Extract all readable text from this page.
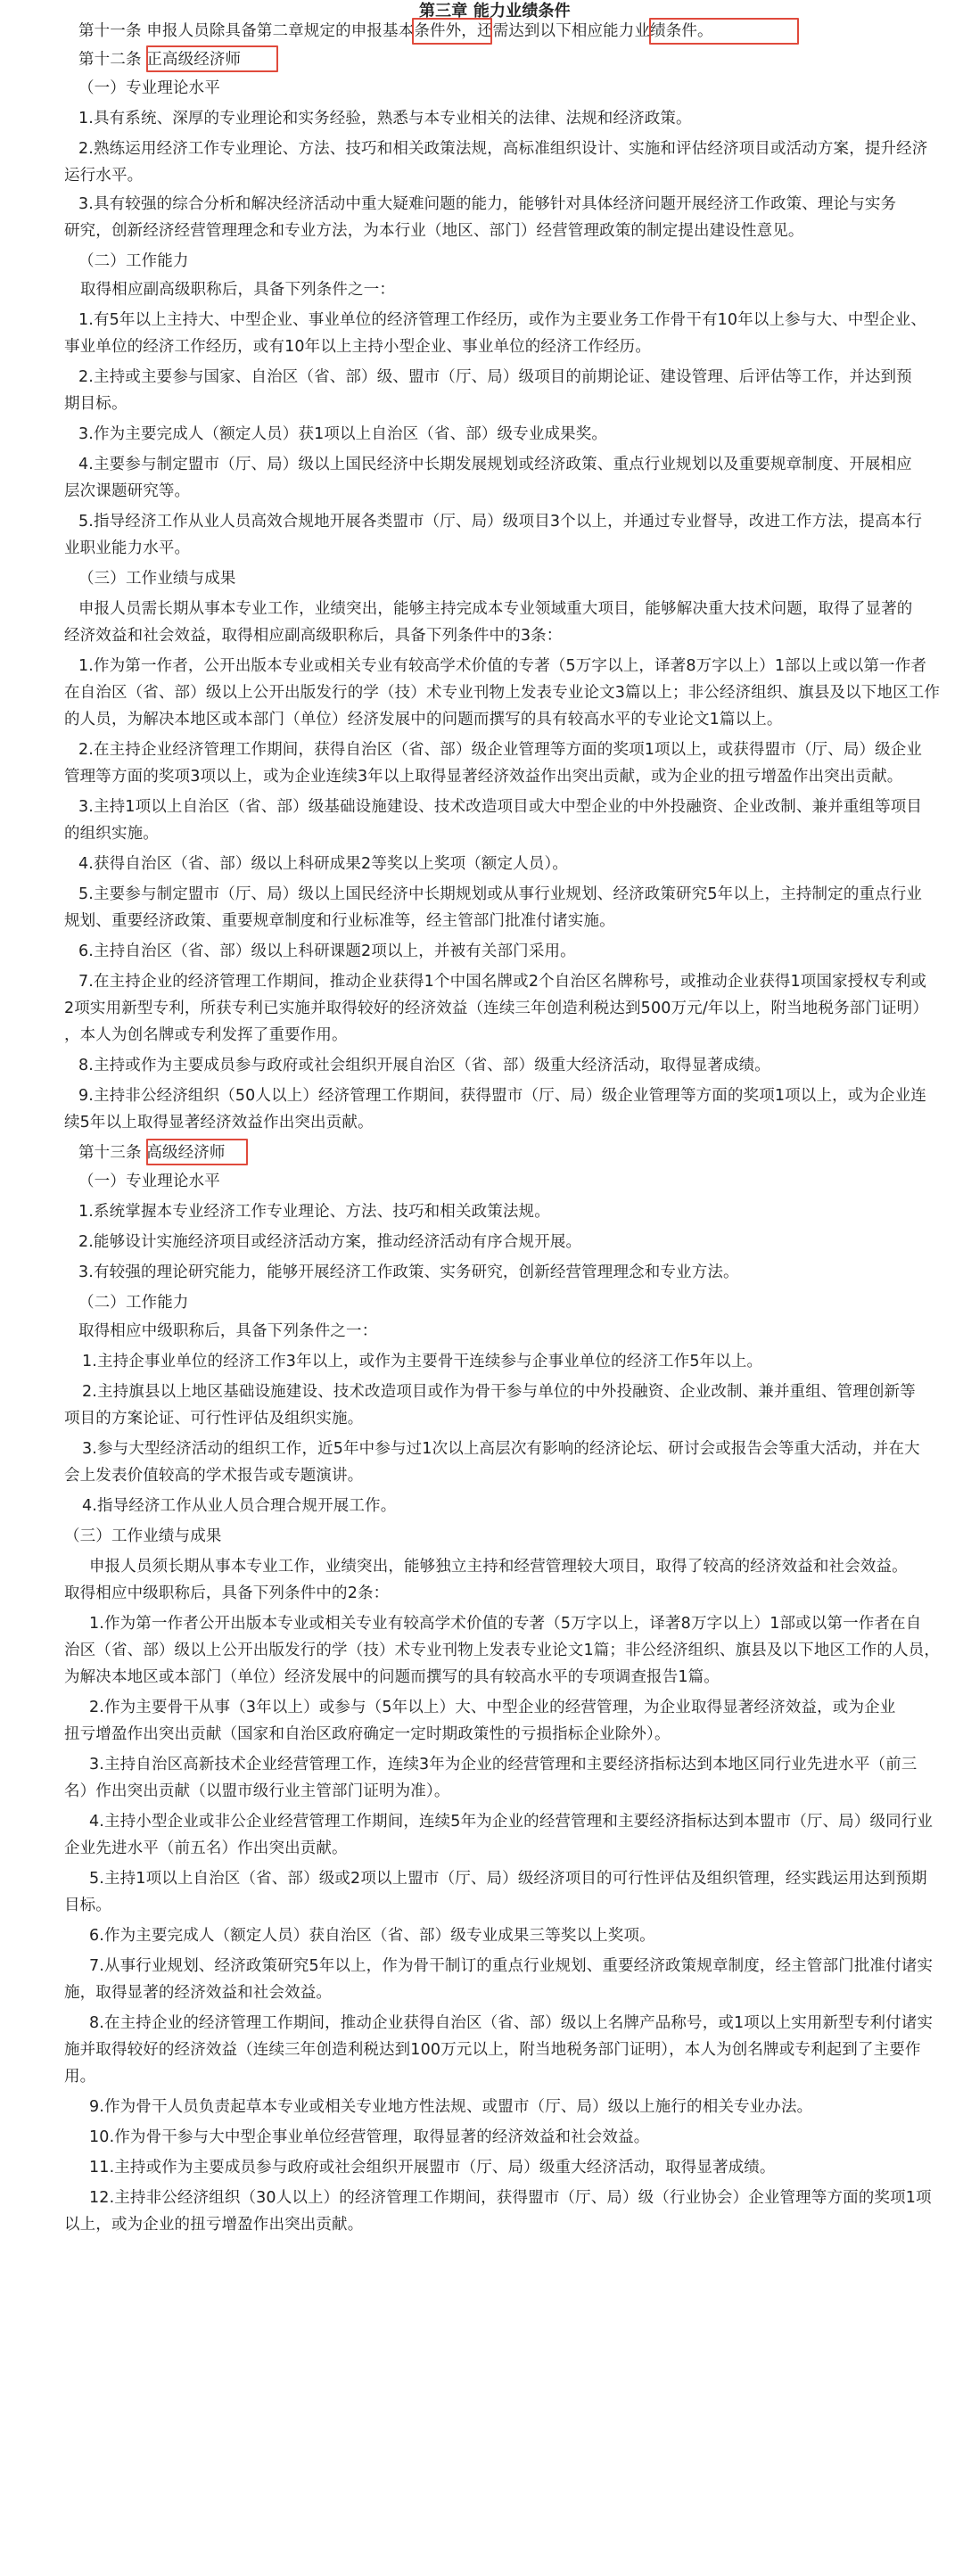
第三章 能力业绩条件
第十一条 申报人员除具备第二章规定的申报基本条件外，还需达到以下相应能力业绩条件。
第十二条 正高级经济师
（一）专业理论水平
1.具有系统、深厚的专业理论和实务经验，熟悉与本专业相关的法律、法规和经济政策。
2.熟练运用经济工作专业理论、方法、技巧和相关政策法规，高标准组织设计、实施和评估经济项目或活动方案，提升经济
运行水平。
3.具有较强的综合分析和解决经济活动中重大疑难问题的能力，能够针对具体经济问题开展经济工作政策、理论与实务
研究，创新经济经营管理理念和专业方法，为本行业（地区、部门）经营管理政策的制定提出建设性意见。
（二）工作能力
取得相应副高级职称后，具备下列条件之一：
1.有5年以上主持大、中型企业、事业单位的经济管理工作经历，或作为主要业务工作骨干有10年以上参与大、中型企业、
事业单位的经济工作经历，或有10年以上主持小型企业、事业单位的经济工作经历。
2.主持或主要参与国家、自治区（省、部）级、盟市（厅、局）级项目的前期论证、建设管理、后评估等工作，并达到预
期目标。
3.作为主要完成人（额定人员）获1项以上自治区（省、部）级专业成果奖。
4.主要参与制定盟市（厅、局）级以上国民经济中长期发展规划或经济政策、重点行业规划以及重要规章制度、开展相应
层次课题研究等。
5.指导经济工作从业人员高效合规地开展各类盟市（厅、局）级项目3个以上，并通过专业督导，改进工作方法，提高本行
业职业能力水平。
（三）工作业绩与成果
申报人员需长期从事本专业工作，业绩突出，能够主持完成本专业领域重大项目，能够解决重大技术问题，取得了显著的
经济效益和社会效益，取得相应副高级职称后，具备下列条件中的3条：
1.作为第一作者，公开出版本专业或相关专业有较高学术价值的专著（5万字以上，译著8万字以上）1部以上或以第一作者
在自治区（省、部）级以上公开出版发行的学（技）术专业刊物上发表专业论文3篇以上；非公经济组织、旗县及以下地区工作
的人员，为解决本地区或本部门（单位）经济发展中的问题而撰写的具有较高水平的专业论文1篇以上。
2.在主持企业经济管理工作期间，获得自治区（省、部）级企业管理等方面的奖项1项以上，或获得盟市（厅、局）级企业
管理等方面的奖项3项以上，或为企业连续3年以上取得显著经济效益作出突出贡献，或为企业的扭亏增盈作出突出贡献。
3.主持1项以上自治区（省、部）级基础设施建设、技术改造项目或大中型企业的中外投融资、企业改制、兼并重组等项目
的组织实施。
4.获得自治区（省、部）级以上科研成果2等奖以上奖项（额定人员）。
5.主要参与制定盟市（厅、局）级以上国民经济中长期规划或从事行业规划、经济政策研究5年以上，主持制定的重点行业
规划、重要经济政策、重要规章制度和行业标准等，经主管部门批准付诸实施。
6.主持自治区（省、部）级以上科研课题2项以上，并被有关部门采用。
7.在主持企业的经济管理工作期间，推动企业获得1个中国名牌或2个自治区名牌称号，或推动企业获得1项国家授权专利或
2项实用新型专利，所获专利已实施并取得较好的经济效益（连续三年创造利税达到500万元/年以上，附当地税务部门证明）
，本人为创名牌或专利发挥了重要作用。
8.主持或作为主要成员参与政府或社会组织开展自治区（省、部）级重大经济活动，取得显著成绩。
9.主持非公经济组织（50人以上）经济管理工作期间，获得盟市（厅、局）级企业管理等方面的奖项1项以上，或为企业连
续5年以上取得显著经济效益作出突出贡献。
第十三条 高级经济师
（一）专业理论水平
1.系统掌握本专业经济工作专业理论、方法、技巧和相关政策法规。
2.能够设计实施经济项目或经济活动方案，推动经济活动有序合规开展。
3.有较强的理论研究能力，能够开展经济工作政策、实务研究，创新经营管理理念和专业方法。
（二）工作能力
取得相应中级职称后，具备下列条件之一：
1.主持企事业单位的经济工作3年以上，或作为主要骨干连续参与企事业单位的经济工作5年以上。
2.主持旗县以上地区基础设施建设、技术改造项目或作为骨干参与单位的中外投融资、企业改制、兼并重组、管理创新等
项目的方案论证、可行性评估及组织实施。
3.参与大型经济活动的组织工作，近5年中参与过1次以上高层次有影响的经济论坛、研讨会或报告会等重大活动，并在大
会上发表价值较高的学术报告或专题演讲。
4.指导经济工作从业人员合理合规开展工作。
（三）工作业绩与成果
申报人员须长期从事本专业工作，业绩突出，能够独立主持和经营管理较大项目，取得了较高的经济效益和社会效益。
取得相应中级职称后，具备下列条件中的2条：
1.作为第一作者公开出版本专业或相关专业有较高学术价值的专著（5万字以上，译著8万字以上）1部或以第一作者在自
治区（省、部）级以上公开出版发行的学（技）术专业刊物上发表专业论文1篇；非公经济组织、旗县及以下地区工作的人员，
为解决本地区或本部门（单位）经济发展中的问题而撰写的具有较高水平的专项调查报告1篇。
2.作为主要骨干从事（3年以上）或参与（5年以上）大、中型企业的经营管理，为企业取得显著经济效益，或为企业
扭亏增盈作出突出贡献（国家和自治区政府确定一定时期政策性的亏损指标企业除外）。
3.主持自治区高新技术企业经营管理工作，连续3年为企业的经营管理和主要经济指标达到本地区同行业先进水平（前三
名）作出突出贡献（以盟市级行业主管部门证明为准）。
4.主持小型企业或非公企业经营管理工作期间，连续5年为企业的经营管理和主要经济指标达到本盟市（厅、局）级同行业
企业先进水平（前五名）作出突出贡献。
5.主持1项以上自治区（省、部）级或2项以上盟市（厅、局）级经济项目的可行性评估及组织管理，经实践运用达到预期
目标。
6.作为主要完成人（额定人员）获自治区（省、部）级专业成果三等奖以上奖项。
7.从事行业规划、经济政策研究5年以上，作为骨干制订的重点行业规划、重要经济政策规章制度，经主管部门批准付诸实
施，取得显著的经济效益和社会效益。
8.在主持企业的经济管理工作期间，推动企业获得自治区（省、部）级以上名牌产品称号，或1项以上实用新型专利付诸实
施并取得较好的经济效益（连续三年创造利税达到100万元以上，附当地税务部门证明），本人为创名牌或专利起到了主要作
用。
9.作为骨干人员负责起草本专业或相关专业地方性法规、或盟市（厅、局）级以上施行的相关专业办法。
10.作为骨干参与大中型企事业单位经营管理，取得显著的经济效益和社会效益。
11.主持或作为主要成员参与政府或社会组织开展盟市（厅、局）级重大经济活动，取得显著成绩。
12.主持非公经济组织（30人以上）的经济管理工作期间，获得盟市（厅、局）级（行业协会）企业管理等方面的奖项1项
以上，或为企业的扭亏增盈作出突出贡献。
